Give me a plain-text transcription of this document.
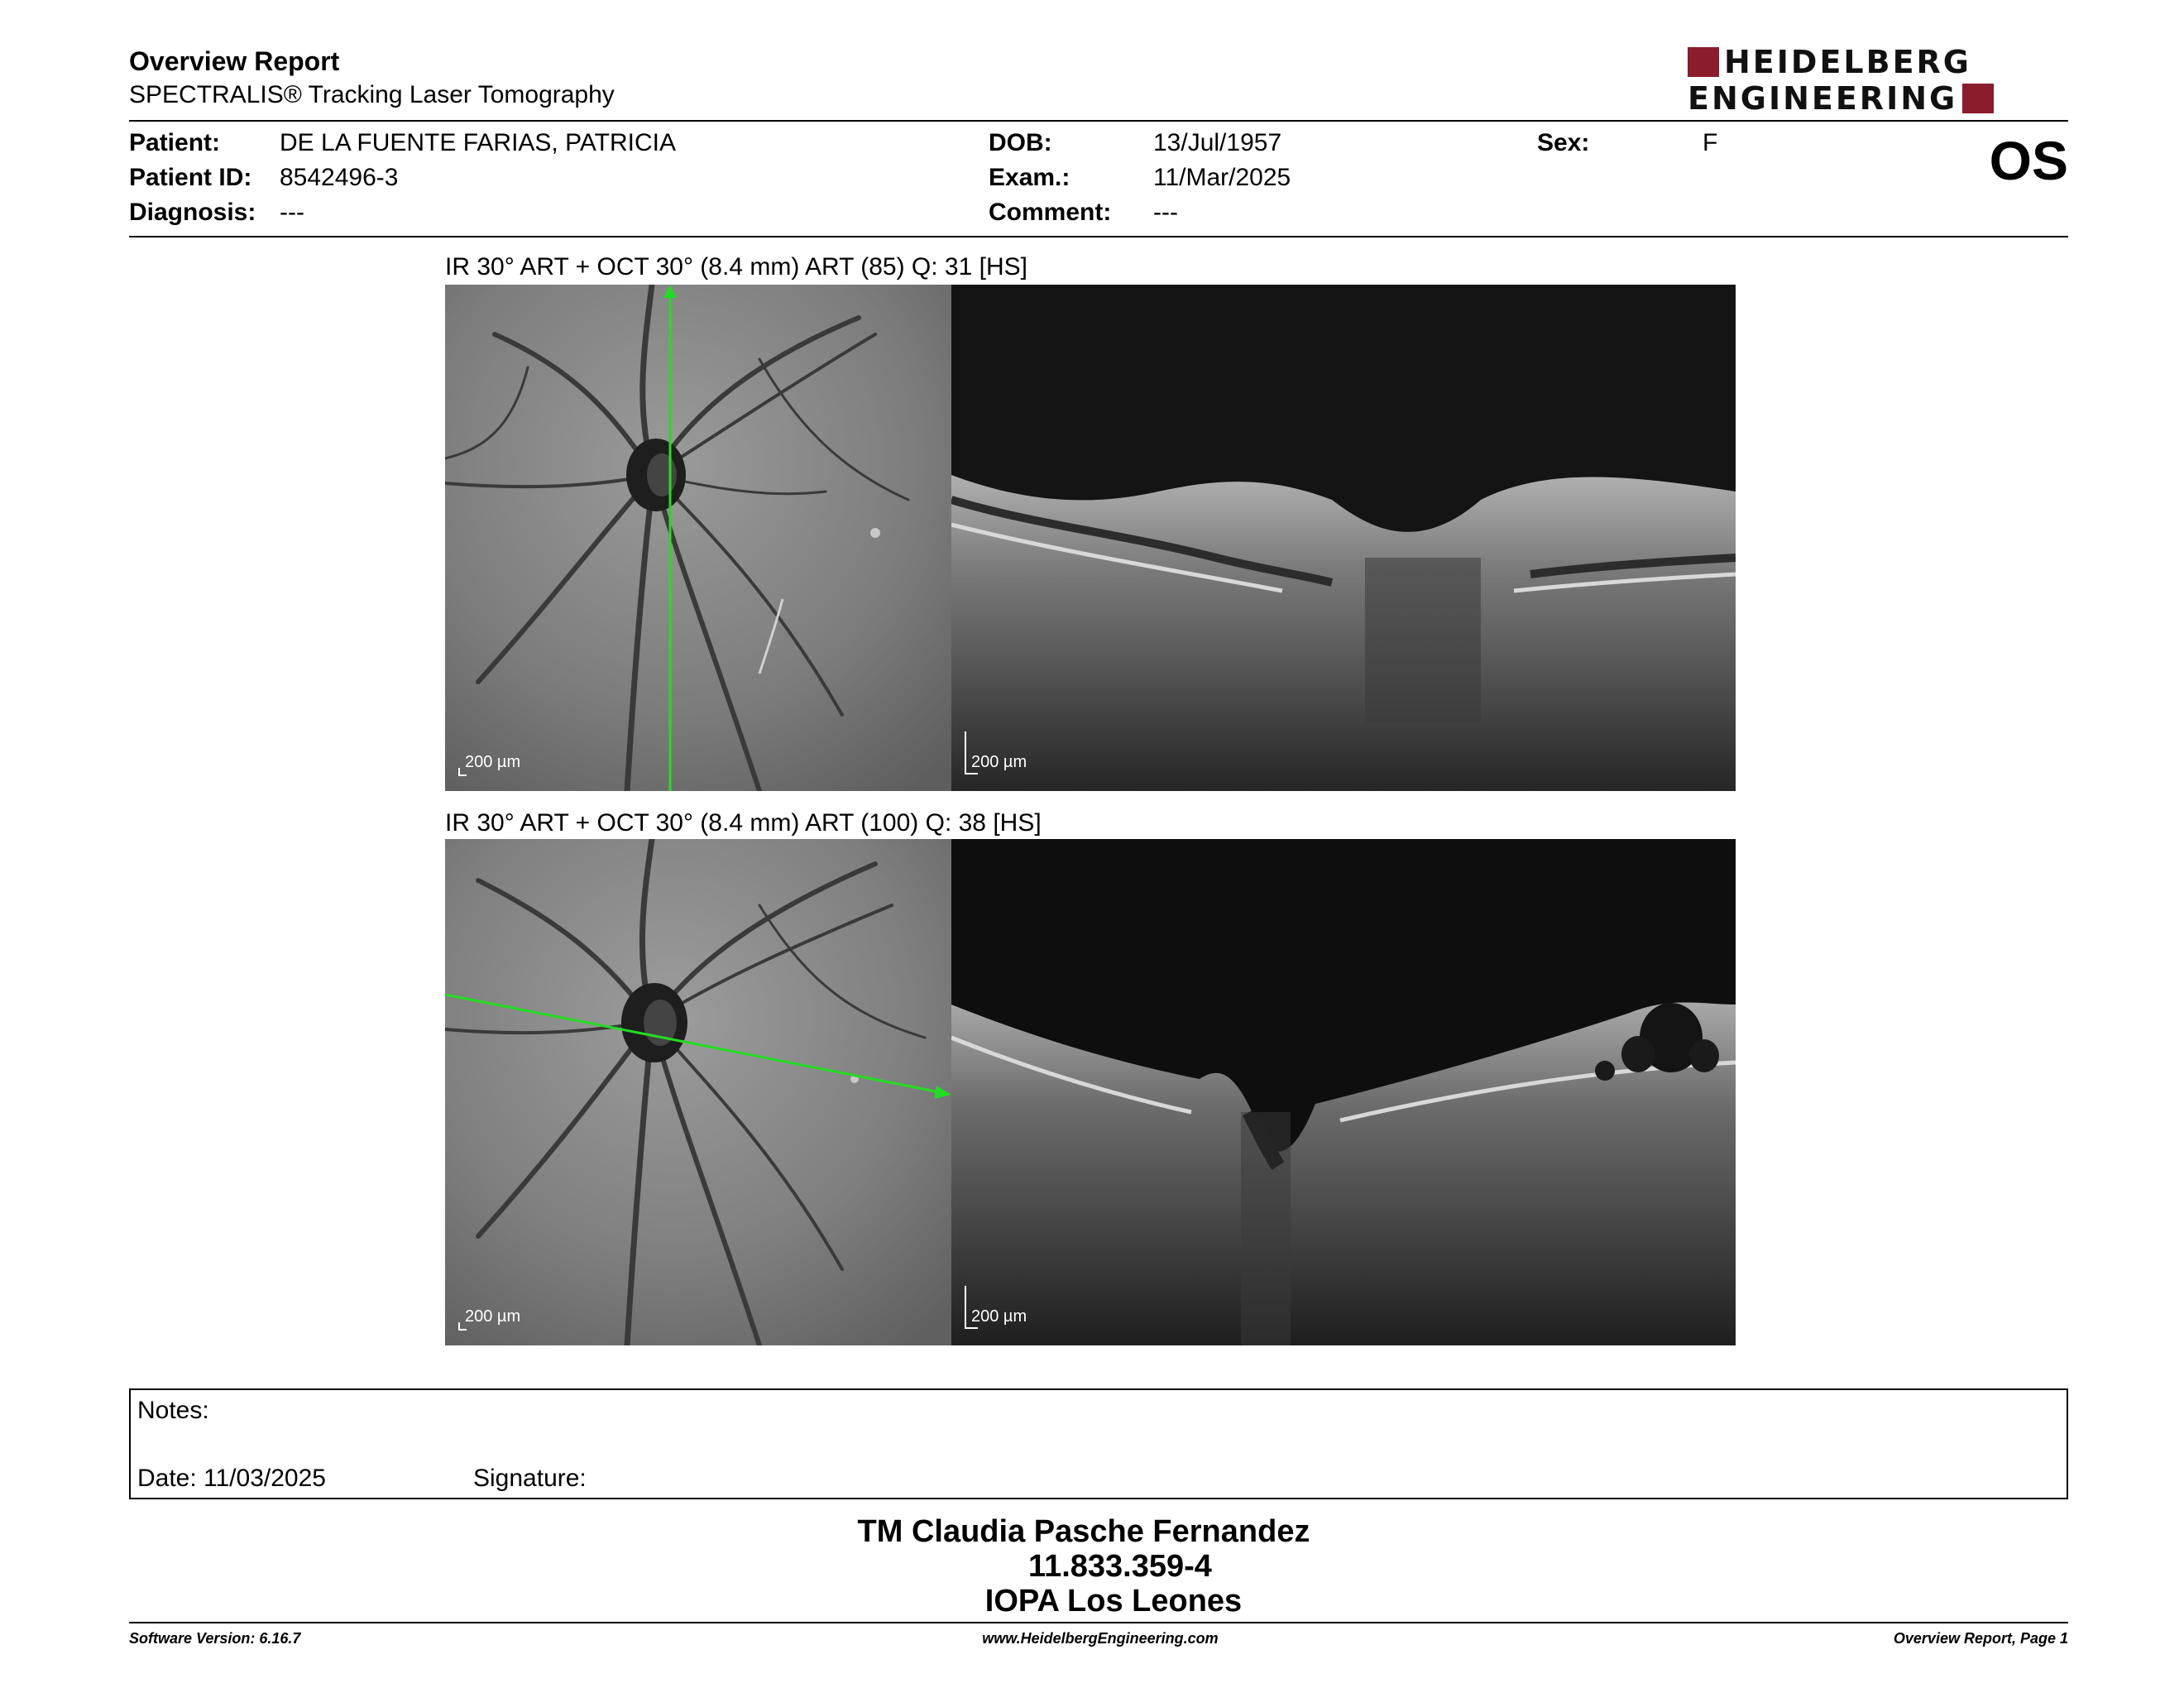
Overview Report
SPECTRALIS® Tracking Laser Tomography
HEIDELBERG
ENGINEERING
Patient: DE LA FUENTE FARIAS, PATRICIA
Patient ID: 8542496-3
Diagnosis: ---
DOB:	13/Jul/1957
Exam.:	11/Mar/2025
Comment: ---
Sex:	F	OS
IR 30° ART + OCT 30° (8.4 mm) ART (85) Q: 31 [HS]
200 µm	200 µm
IR 30° ART + OCT 30° (8.4 mm) ART (100) Q: 38 [HS]
200 µm	200 µm
Notes:
Date: 11/03/2025	Signature:
TM Claudia Pasche Fernandez
11.833.359-4
IOPA Los Leones
Software Version: 6.16.7	www.HeidelbergEngineering.com	Overview Report, Page 1
